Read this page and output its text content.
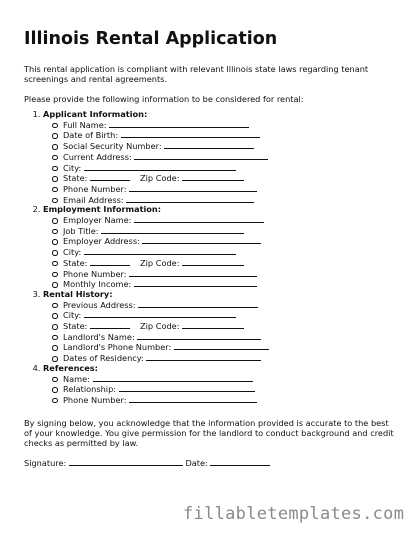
Illinois Rental Application

This rental application is compliant with relevant Illinois state laws regarding tenant screenings and rental agreements.

Please provide the following information to be considered for rental:

1. Applicant Information:
Full Name:
Date of Birth:
Social Security Number:
Current Address:
City:
State:	Zip Code:
Phone Number:
Email Address:
2. Employment Information:
Employer Name:
Job Title:
Employer Address:
City:
State:	Zip Code:
Phone Number:
Monthly Income:
3. Rental History:
Previous Address:
City:
State:	Zip Code:
Landlord's Name:
Landlord's Phone Number:
Dates of Residency:
4. References:
Name:
Relationship:
Phone Number:

By signing below, you acknowledge that the information provided is accurate to the best of your knowledge. You give permission for the landlord to conduct background and credit checks as permitted by law.

Signature:	Date:
fillabletemplates.com
